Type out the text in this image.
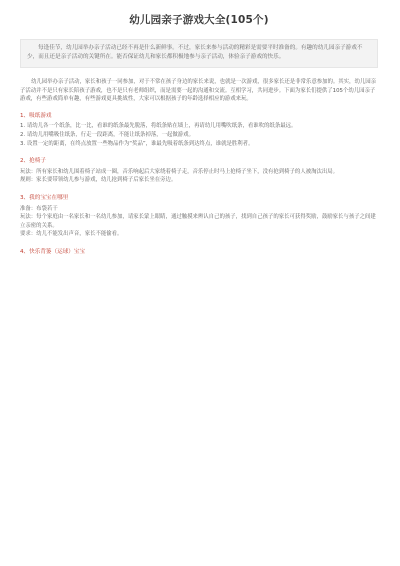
幼儿园亲子游戏大全(105个)

每逢佳节，幼儿园举办亲子活动已经不再是什么新鲜事。不过，家长来参与活动的精彩是需要平时准备的。有趣的幼儿园亲子游戏不少，而且还是亲子活动的关键所在。能否保证幼儿和家长都积极地参与亲子活动，体验亲子游戏的快乐。

幼儿园举办亲子活动，家长和孩子一同参加，对于不常在孩子身边的家长来说，也就是一次游戏，很多家长还是非常乐意参加的。其实，幼儿园亲子活动并不是只有家长陪孩子游戏，也不是只有老师组织，而是需要一起的沟通和交流。互相学习，共同进步。下面为家长们提供了105个幼儿园亲子游戏，有些游戏简单有趣，有些游戏更具挑战性，大家可以根据孩子的年龄选择相应的游戏来玩。

1、吸纸游戏

1. 请幼儿各一个纸条，比一比，看谁的纸条最先脱落，将纸条贴在墙上，再请幼儿用嘴吹纸条，看谁吹的纸条最远。

2. 请幼儿用嘴吸住纸条，行走一段距离，不能让纸条掉落，一起做游戏。

3. 设置一定的距离，在终点放置一些物品作为“奖品”，谁最先吸着纸条到达终点，谁就是胜利者。

2、抢椅子

玩法：所有家长和幼儿围着椅子站成一圈，音乐响起后大家绕着椅子走，音乐停止时马上抢椅子坐下，没有抢到椅子的人被淘汰出局。

规则：家长要带领幼儿参与游戏，幼儿抢到椅子后家长坐在旁边。

3、我的宝宝在哪里

准备：布袋若干

玩法：每个家庭由一名家长和一名幼儿参加，请家长蒙上眼睛，通过触摸来辨认自己的孩子，找到自己孩子的家长可获得奖励，鼓励家长与孩子之间建立亲密的关系。

要求：幼儿不能发出声音，家长不能偷看。

4、快乐背篓（运球）宝宝
